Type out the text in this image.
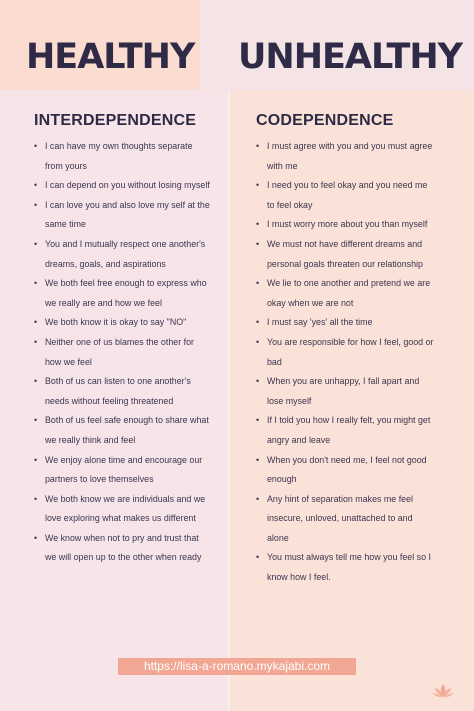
HEALTHY UNHEALTHY
INTERDEPENDENCE	CODEPENDENCE
• I can have my own thoughts separate from yours
• I can depend on you without losing myself
• I can love you and also love my self at the same time
• You and I mutually respect one another's dreams, goals, and aspirations
• We both feel free enough to express who we really are and how we feel
• We both know it is okay to say "NO"
• Neither one of us blames the other for how we feel
• Both of us can listen to one another's needs without feeling threatened
• Both of us feel safe enough to share what we really think and feel
• We enjoy alone time and encourage our partners to love themselves
• We both know we are individuals and we love exploring what makes us different
• We know when not to pry and trust that we will open up to the other when ready
• I must agree with you and you must agree with me
• I need you to feel okay and you need me to feel okay
• I must worry more about you than myself
• We must not have different dreams and personal goals threaten our relationship
• We lie to one another and pretend we are okay when we are not
• I must say 'yes' all the time
• You are responsible for how I feel, good or bad
• When you are unhappy, I fall apart and lose myself
• If I told you how I really felt, you might get angry and leave
• When you don't need me, I feel not good enough
• Any hint of separation makes me feel insecure, unloved, unattached to and alone
• You must always tell me how you feel so I know how I feel.
https://lisa-a-romano.mykajabi.com
